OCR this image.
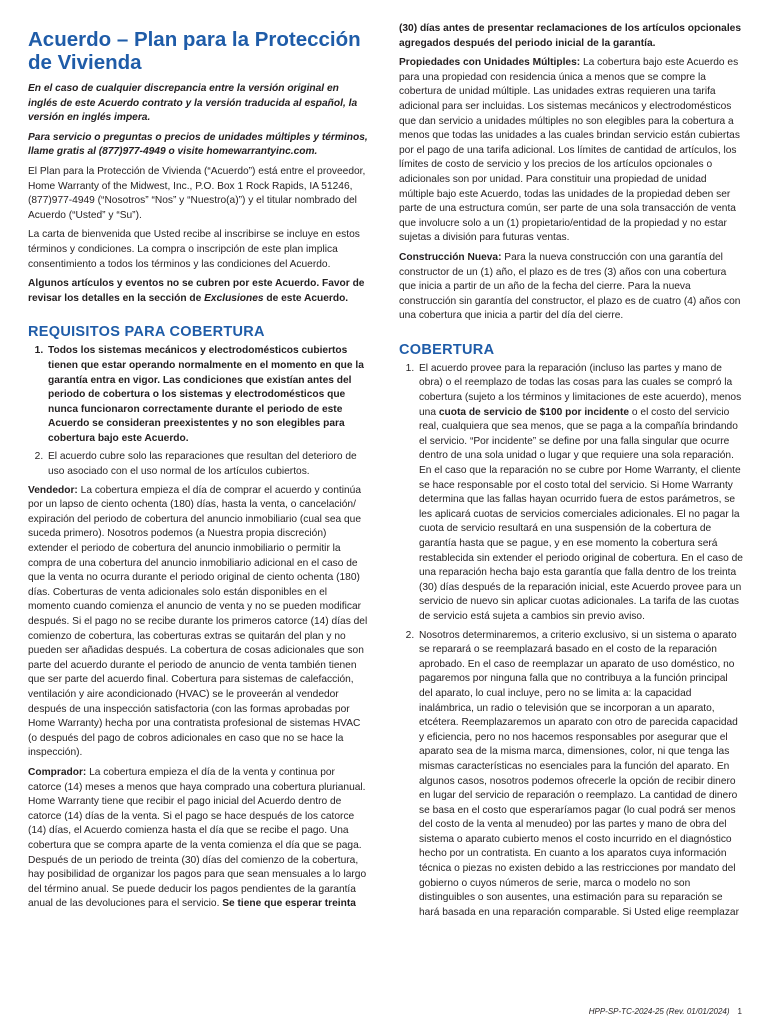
Acuerdo – Plan para la Protección de Vivienda

En el caso de cualquier discrepancia entre la versión original en inglés de este Acuerdo contrato y la versión traducida al español, la versión en inglés impera.

Para servicio o preguntas o precios de unidades múltiples y términos, llame gratis al (877)977-4949 o visite homewarrantyinc.com.

El Plan para la Protección de Vivienda (“Acuerdo”) está entre el proveedor, Home Warranty of the Midwest, Inc., P.O. Box 1 Rock Rapids, IA 51246, (877)977-4949 (“Nosotros” “Nos” y “Nuestro(a)”) y el titular nombrado del Acuerdo (“Usted” y “Su”).

La carta de bienvenida que Usted recibe al inscribirse se incluye en estos términos y condiciones. La compra o inscripción de este plan implica consentimiento a todos los términos y las condiciones del Acuerdo.

Algunos artículos y eventos no se cubren por este Acuerdo. Favor de revisar los detalles en la sección de Exclusiones de este Acuerdo.

REQUISITOS PARA COBERTURA
1. Todos los sistemas mecánicos y electrodomésticos cubiertos tienen que estar operando normalmente en el momento en que la garantía entra en vigor. Las condiciones que existían antes del periodo de cobertura o los sistemas y electrodomésticos que nunca funcionaron correctamente durante el periodo de este Acuerdo se consideran preexistentes y no son elegibles para cobertura bajo este Acuerdo.
2. El acuerdo cubre solo las reparaciones que resultan del deterioro de uso asociado con el uso normal de los artículos cubiertos.

Vendedor: La cobertura empieza el día de comprar el acuerdo y continúa por un lapso de ciento ochenta (180) días, hasta la venta, o cancelación/ expiración del periodo de cobertura del anuncio inmobiliario (cual sea que suceda primero). Nosotros podemos (a Nuestra propia discreción) extender el periodo de cobertura del anuncio inmobiliario o permitir la compra de una cobertura del anuncio inmobiliario adicional en el caso de que la venta no ocurra durante el periodo original de ciento ochenta (180) días. Coberturas de venta adicionales solo están disponibles en el momento cuando comienza el anuncio de venta y no se pueden modificar después. Si el pago no se recibe durante los primeros catorce (14) días del comienzo de cobertura, las coberturas extras se quitarán del plan y no pueden ser añadidas después. La cobertura de cosas adicionales que son parte del acuerdo durante el periodo de anuncio de venta también tienen que ser parte del acuerdo final. Cobertura para sistemas de calefacción, ventilación y aire acondicionado (HVAC) se le proveerán al vendedor después de una inspección satisfactoria (con las formas aprobadas por Home Warranty) hecha por una contratista profesional de sistemas HVAC (o después del pago de cobros adicionales en caso que no se hace la inspección).

Comprador: La cobertura empieza el día de la venta y continua por catorce (14) meses a menos que haya comprado una cobertura plurianual. Home Warranty tiene que recibir el pago inicial del Acuerdo dentro de catorce (14) días de la venta. Si el pago se hace después de los catorce (14) días, el Acuerdo comienza hasta el día que se recibe el pago. Una cobertura que se compra aparte de la venta comienza el día que se paga. Después de un periodo de treinta (30) días del comienzo de la cobertura, hay posibilidad de organizar los pagos para que sean mensuales a lo largo del término anual. Se puede deducir los pagos pendientes de la garantía anual de las devoluciones para el servicio. Se tiene que esperar treinta

(30) días antes de presentar reclamaciones de los artículos opcionales agregados después del periodo inicial de la garantía.

Propiedades con Unidades Múltiples: La cobertura bajo este Acuerdo es para una propiedad con residencia única a menos que se compre la cobertura de unidad múltiple. Las unidades extras requieren una tarifa adicional para ser incluidas. Los sistemas mecánicos y electrodomésticos que dan servicio a unidades múltiples no son elegibles para la cobertura a menos que todas las unidades a las cuales brindan servicio están cubiertas por el pago de una tarifa adicional. Los límites de cantidad de artículos, los límites de costo de servicio y los precios de los artículos opcionales o adicionales son por unidad. Para constituir una propiedad de unidad múltiple bajo este Acuerdo, todas las unidades de la propiedad deben ser parte de una estructura común, ser parte de una sola transacción de venta que involucre solo a un (1) propietario/entidad de la propiedad y no estar sujetas a división para futuras ventas.

Construcción Nueva: Para la nueva construcción con una garantía del constructor de un (1) año, el plazo es de tres (3) años con una cobertura que inicia a partir de un año de la fecha del cierre. Para la nueva construcción sin garantía del constructor, el plazo es de cuatro (4) años con una cobertura que inicia a partir del día del cierre.

COBERTURA
1. El acuerdo provee para la reparación (incluso las partes y mano de obra) o el reemplazo de todas las cosas para las cuales se compró la cobertura (sujeto a los términos y limitaciones de este acuerdo), menos una cuota de servicio de $100 por incidente o el costo del servicio real, cualquiera que sea menos, que se paga a la compañía brindando el servicio. “Por incidente” se define por una falla singular que ocurre dentro de una sola unidad o lugar y que requiere una sola reparación. En el caso que la reparación no se cubre por Home Warranty, el cliente se hace responsable por el costo total del servicio. Si Home Warranty determina que las fallas hayan ocurrido fuera de estos parámetros, se les aplicará cuotas de servicios comerciales adicionales. El no pagar la cuota de servicio resultará en una suspensión de la cobertura de garantía hasta que se pague, y en ese momento la cobertura será restablecida sin extender el periodo original de cobertura. En el caso de una reparación hecha bajo esta garantía que falla dentro de los treinta (30) días después de la reparación inicial, este Acuerdo provee para un servicio de nuevo sin aplicar cuotas adicionales. La tarifa de las cuotas de servicio está sujeta a cambios sin previo aviso.
2. Nosotros determinaremos, a criterio exclusivo, si un sistema o aparato se reparará o se reemplazará basado en el costo de la reparación aprobado. En el caso de reemplazar un aparato de uso doméstico, no pagaremos por ninguna falla que no contribuya a la función principal del aparato, lo cual incluye, pero no se limita a: la capacidad inalámbrica, un radio o televisión que se incorporan a un aparato, etcétera. Reemplazaremos un aparato con otro de parecida capacidad y eficiencia, pero no nos hacemos responsables por asegurar que el aparato sea de la misma marca, dimensiones, color, ni que tenga las mismas características no esenciales para la función del aparato. En algunos casos, nosotros podemos ofrecerle la opción de recibir dinero en lugar del servicio de reparación o reemplazo. La cantidad de dinero se basa en el costo que esperaríamos pagar (lo cual podrá ser menos del costo de la venta al menudeo) por las partes y mano de obra del sistema o aparato cubierto menos el costo incurrido en el diagnóstico hecho por un contratista. En cuanto a los aparatos cuya información técnica o piezas no existen debido a las restricciones por mandato del gobierno o cuyos números de serie, marca o modelo no son distinguibles o son ausentes, una estimación para su reparación se hará basada en una reparación comparable. Si Usted elige reemplazar
HPP-SP-TC-2024-25 (Rev. 01/01/2024) 1
